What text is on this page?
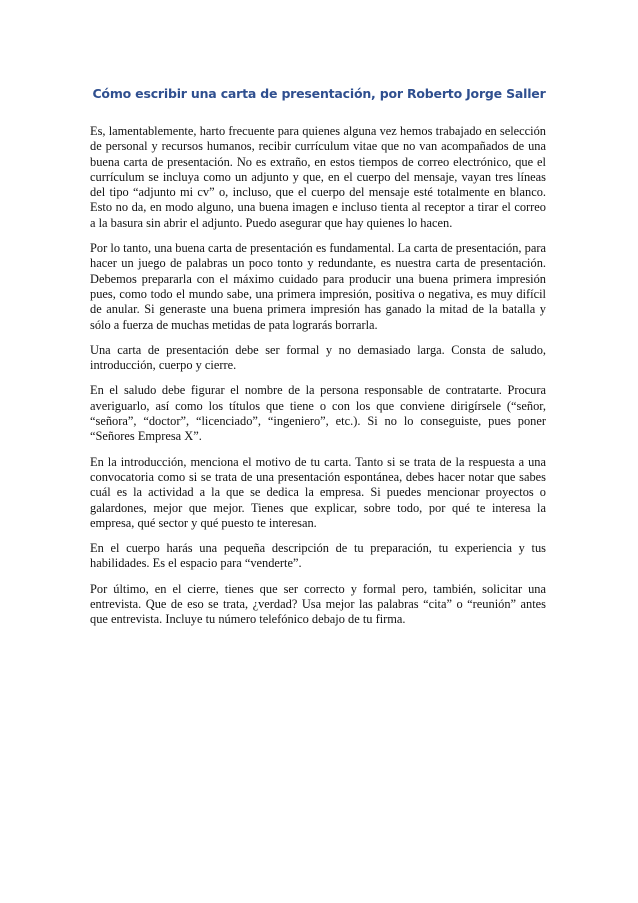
Cómo escribir una carta de presentación, por Roberto Jorge Saller

Es, lamentablemente, harto frecuente para quienes alguna vez hemos trabajado en selección de personal y recursos humanos, recibir currículum vitae que no van acompañados de una buena carta de presentación. No es extraño, en estos tiempos de correo electrónico, que el currículum se incluya como un adjunto y que, en el cuerpo del mensaje, vayan tres líneas del tipo “adjunto mi cv” o, incluso, que el cuerpo del mensaje esté totalmente en blanco. Esto no da, en modo alguno, una buena imagen e incluso tienta al receptor a tirar el correo a la basura sin abrir el adjunto. Puedo asegurar que hay quienes lo hacen.

Por lo tanto, una buena carta de presentación es fundamental. La carta de presentación, para hacer un juego de palabras un poco tonto y redundante, es nuestra carta de presentación. Debemos prepararla con el máximo cuidado para producir una buena primera impresión pues, como todo el mundo sabe, una primera impresión, positiva o negativa, es muy difícil de anular. Si generaste una buena primera impresión has ganado la mitad de la batalla y sólo a fuerza de muchas metidas de pata lograrás borrarla.

Una carta de presentación debe ser formal y no demasiado larga. Consta de saludo, introducción, cuerpo y cierre.

En el saludo debe figurar el nombre de la persona responsable de contratarte. Procura averiguarlo, así como los títulos que tiene o con los que conviene dirigírsele (“señor, “señora”, “doctor”, “licenciado”, “ingeniero”, etc.). Si no lo conseguiste, pues poner “Señores Empresa X”.

En la introducción, menciona el motivo de tu carta. Tanto si se trata de la respuesta a una convocatoria como si se trata de una presentación espontánea, debes hacer notar que sabes cuál es la actividad a la que se dedica la empresa. Si puedes mencionar proyectos o galardones, mejor que mejor. Tienes que explicar, sobre todo, por qué te interesa la empresa, qué sector y qué puesto te interesan.

En el cuerpo harás una pequeña descripción de tu preparación, tu experiencia y tus habilidades. Es el espacio para “venderte”.

Por último, en el cierre, tienes que ser correcto y formal pero, también, solicitar una entrevista. Que de eso se trata, ¿verdad? Usa mejor las palabras “cita” o “reunión” antes que entrevista. Incluye tu número telefónico debajo de tu firma.
